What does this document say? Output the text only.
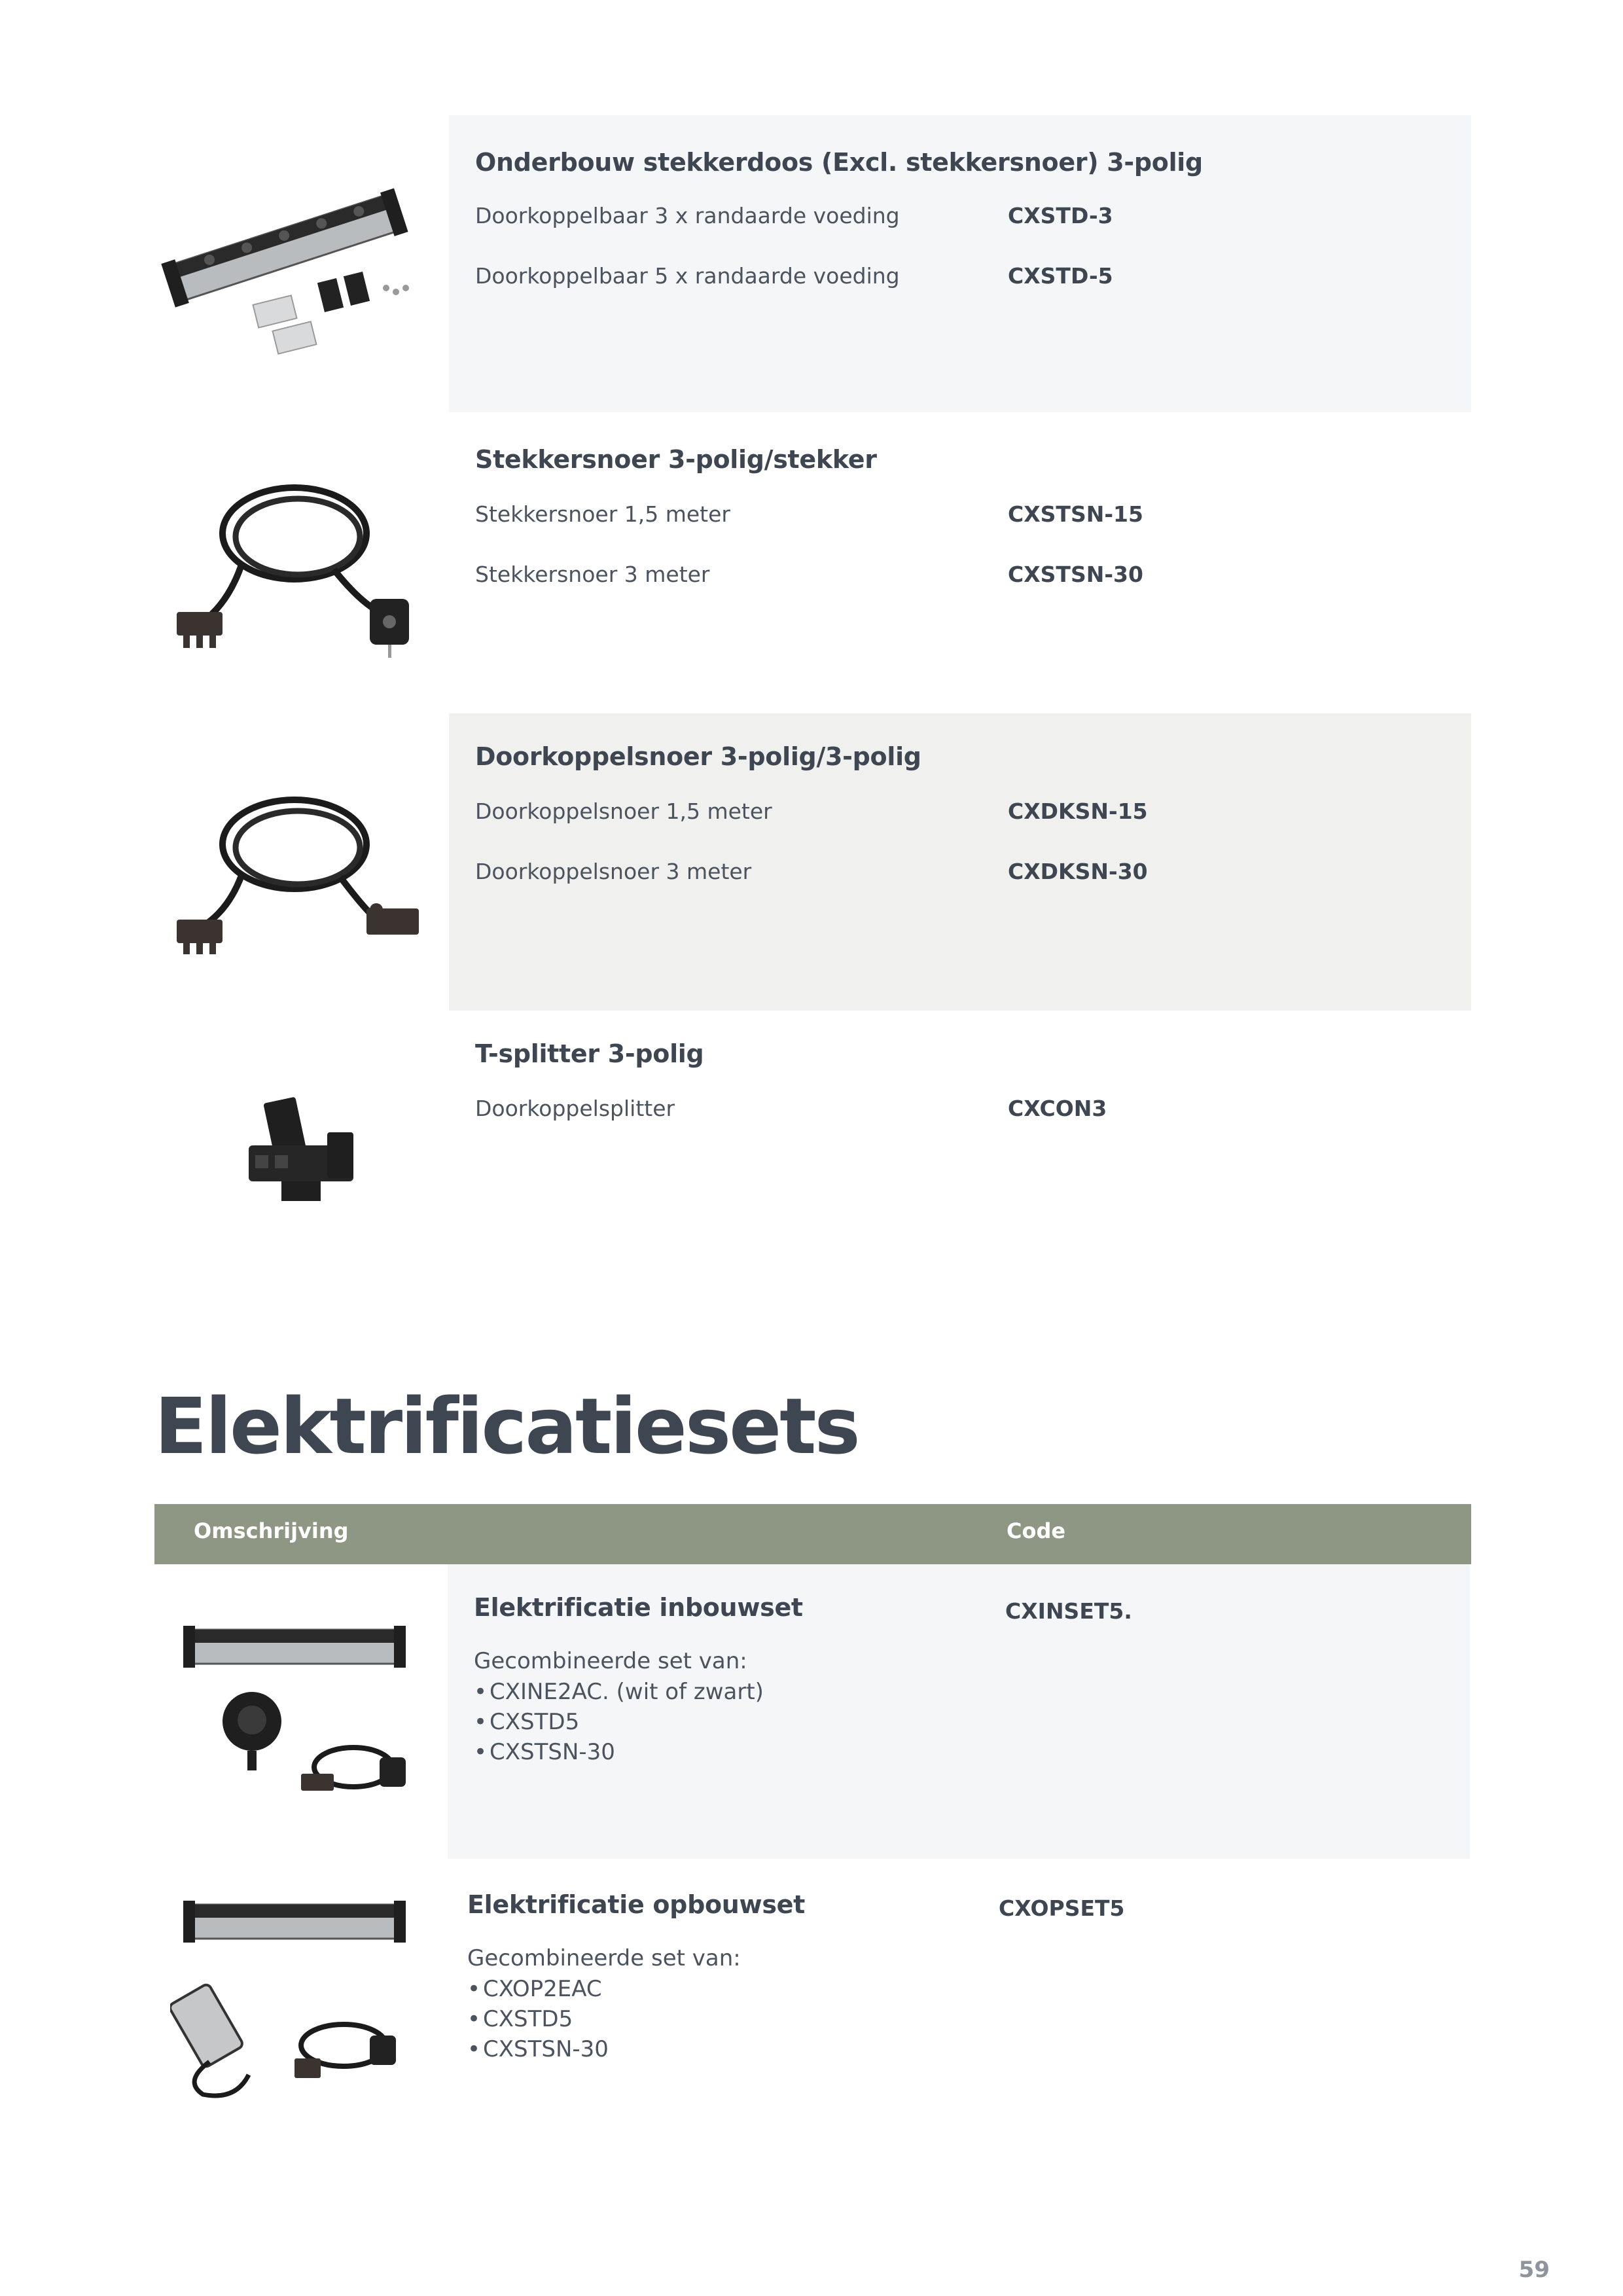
Onderbouw stekkerdoos (Excl. stekkersnoer) 3-polig
Doorkoppelbaar 3 x randaarde voeding	CXSTD-3
Doorkoppelbaar 5 x randaarde voeding	CXSTD-5
Stekkersnoer 3-polig/stekker
Stekkersnoer 1,5 meter	CXSTSN-15
Stekkersnoer 3 meter	CXSTSN-30
Doorkoppelsnoer 3-polig/3-polig
Doorkoppelsnoer 1,5 meter	CXDKSN-15
Doorkoppelsnoer 3 meter	CXDKSN-30
T-splitter 3-polig
Doorkoppelsplitter	CXCON3
Elektrificatiesets
Omschrijving	Code
Elektrificatie inbouwset	CXINSET5.
Gecombineerde set van:
• CXINE2AC. (wit of zwart)
• CXSTD5
• CXSTSN-30
Elektrificatie opbouwset	CXOPSET5
Gecombineerde set van:
• CXOP2EAC
• CXSTD5
• CXSTSN-30
59
